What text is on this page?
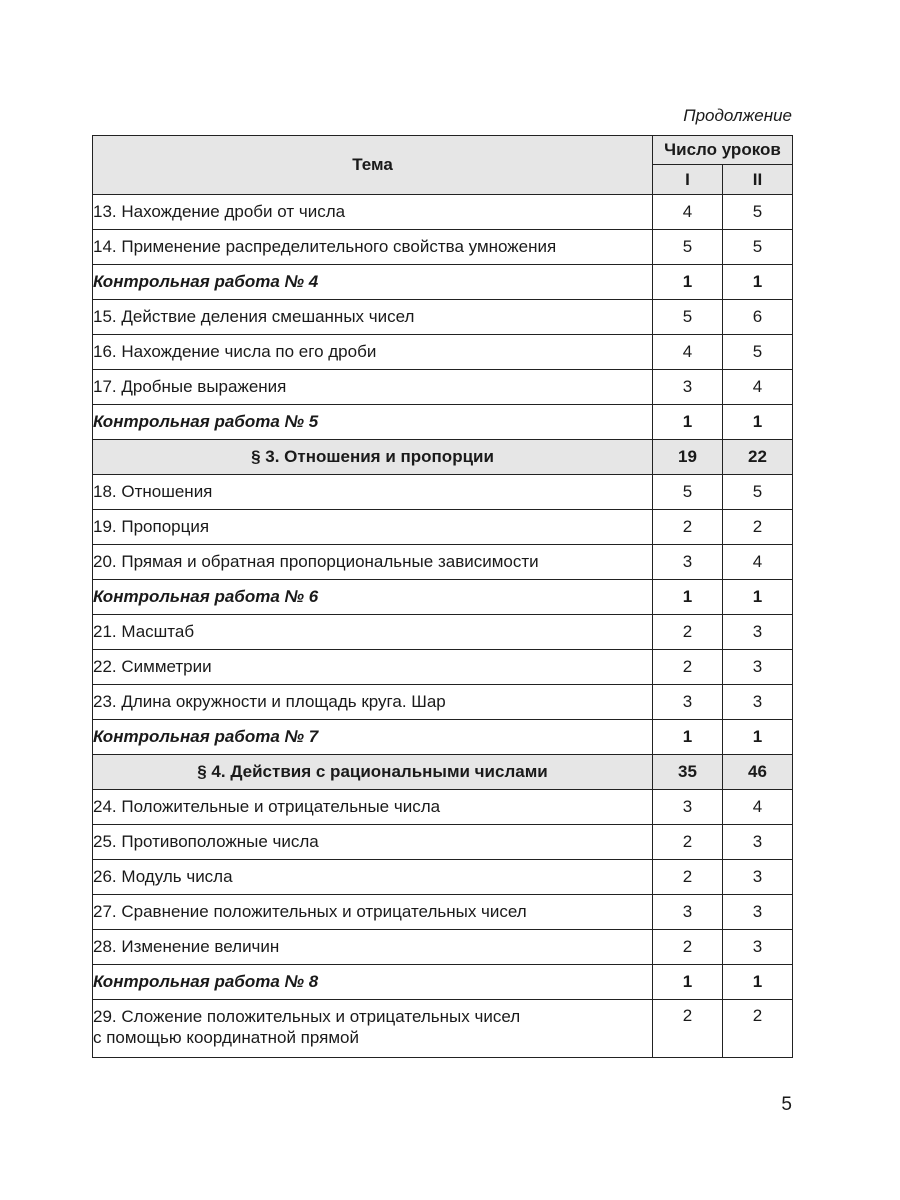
Продолжение
Тема	Число уроков	
	I	II
13. Нахождение дроби от числа	4	5
14. Применение распределительного свойства умножения	5	5
Контрольная работа № 4	1	1
15. Действие деления смешанных чисел	5	6
16. Нахождение числа по его дроби	4	5
17. Дробные выражения	3	4
Контрольная работа № 5	1	1
§ 3. Отношения и пропорции	19	22
18. Отношения	5	5
19. Пропорция	2	2
20. Прямая и обратная пропорциональные зависимости	3	4
Контрольная работа № 6	1	1
21. Масштаб	2	3
22. Симметрии	2	3
23. Длина окружности и площадь круга. Шар	3	3
Контрольная работа № 7	1	1
§ 4. Действия с рациональными числами	35	46
24. Положительные и отрицательные числа	3	4
25. Противоположные числа	2	3
26. Модуль числа	2	3
27. Сравнение положительных и отрицательных чисел	3	3
28. Изменение величин	2	3
Контрольная работа № 8	1	1
29. Сложение положительных и отрицательных чисел
с помощью координатной прямой	2	2
5
